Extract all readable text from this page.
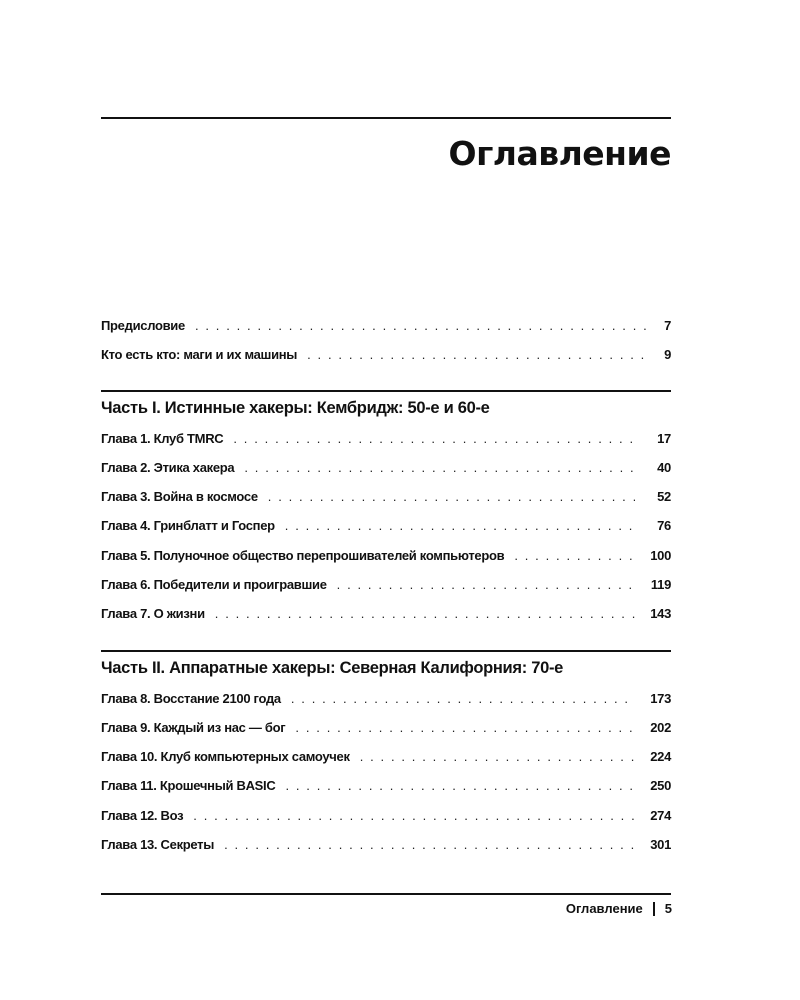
Оглавление
Предисловие . . .	7
Кто есть кто: маги и их машины . . .	9
Часть I. Истинные хакеры: Кембридж: 50-е и 60-е
Глава 1. Клуб TMRC . . .	17
Глава 2. Этика хакера . . .	40
Глава 3. Война в космосе . . .	52
Глава 4. Гринблатт и Госпер . . .	76
Глава 5. Полуночное общество перепрошивателей компьютеров . . .	100
Глава 6. Победители и проигравшие . . .	119
Глава 7. О жизни . . .	143
Часть II. Аппаратные хакеры: Северная Калифорния: 70-е
Глава 8. Восстание 2100 года . . .	173
Глава 9. Каждый из нас — бог . . .	202
Глава 10. Клуб компьютерных самоучек . . .	224
Глава 11. Крошечный BASIC . . .	250
Глава 12. Воз . . .	274
Глава 13. Секреты . . .	301
Оглавление 5
